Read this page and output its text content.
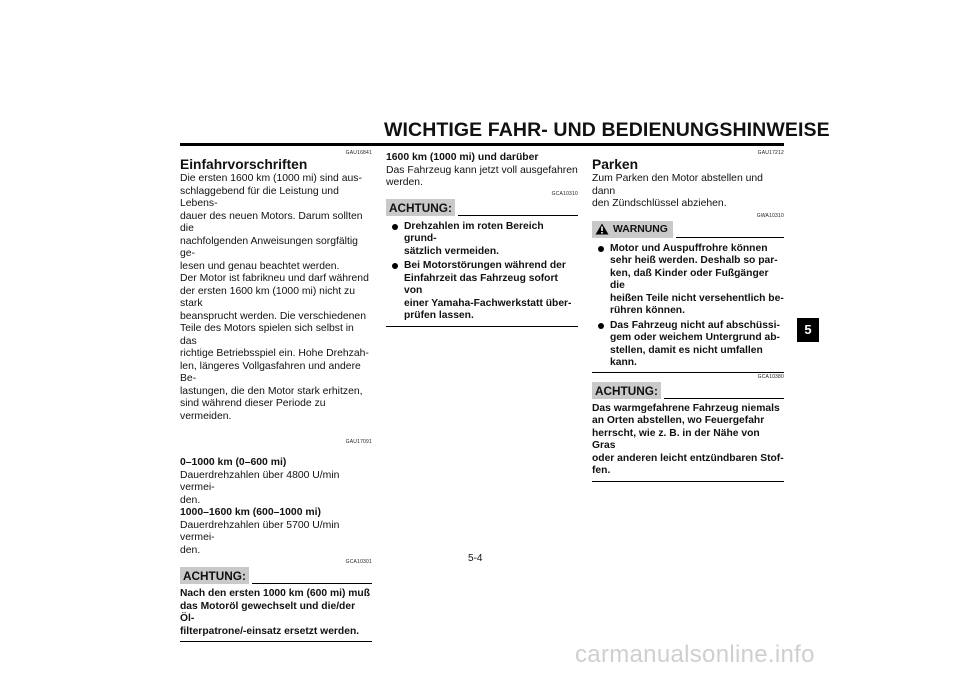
WICHTIGE FAHR- UND BEDIENUNGSHINWEISE
5
GAU16841
Einfahrvorschriften
Die ersten 1600 km (1000 mi) sind aus-
schlaggebend für die Leistung und Lebens-
dauer des neuen Motors. Darum sollten die
nachfolgenden Anweisungen sorgfältig ge-
lesen und genau beachtet werden.
Der Motor ist fabrikneu und darf während
der ersten 1600 km (1000 mi) nicht zu stark
beansprucht werden. Die verschiedenen
Teile des Motors spielen sich selbst in das
richtige Betriebsspiel ein. Hohe Drehzah-
len, längeres Vollgasfahren und andere Be-
lastungen, die den Motor stark erhitzen,
sind während dieser Periode zu vermeiden.
GAU17091
0–1000 km (0–600 mi)
Dauerdrehzahlen über 4800 U/min vermei-
den.
1000–1600 km (600–1000 mi)
Dauerdrehzahlen über 5700 U/min vermei-
den.
GCA10301
ACHTUNG:
Nach den ersten 1000 km (600 mi) muß
das Motoröl gewechselt und die/der Öl-
filterpatrone/-einsatz ersetzt werden.
1600 km (1000 mi) und darüber
Das Fahrzeug kann jetzt voll ausgefahren
werden.
GCA10310
ACHTUNG:
Drehzahlen im roten Bereich grund-
sätzlich vermeiden.
Bei Motorstörungen während der
Einfahrzeit das Fahrzeug sofort von
einer Yamaha-Fachwerkstatt über-
prüfen lassen.
GAU17212
Parken
Zum Parken den Motor abstellen und dann
den Zündschlüssel abziehen.
GWA10310
WARNUNG
Motor und Auspuffrohre können
sehr heiß werden. Deshalb so par-
ken, daß Kinder oder Fußgänger die
heißen Teile nicht versehentlich be-
rühren können.
Das Fahrzeug nicht auf abschüssi-
gem oder weichem Untergrund ab-
stellen, damit es nicht umfallen
kann.
GCA10380
ACHTUNG:
Das warmgefahrene Fahrzeug niemals
an Orten abstellen, wo Feuergefahr
herrscht, wie z. B. in der Nähe von Gras
oder anderen leicht entzündbaren Stof-
fen.
5-4
carmanualsonline.info
